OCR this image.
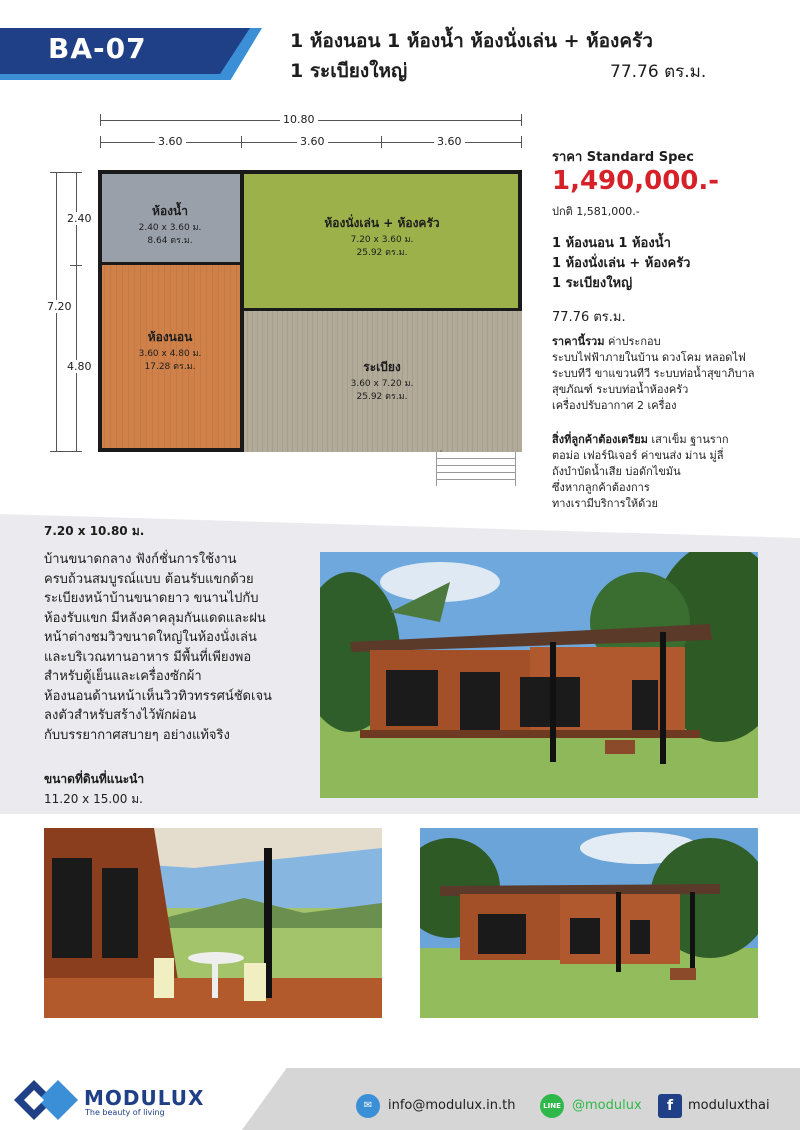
BA-07	1 ห้องนอน 1 ห้องน้ำ ห้องนั่งเล่น + ห้องครัว
1 ระเบียงใหญ่	77.76 ตร.ม.
10.80
3.60	3.60	3.60
7.20
2.40
4.80
ห้องน้ำ
2.40 x 3.60 ม.
8.64 ตร.ม.
ห้องนั่งเล่น + ห้องครัว
7.20 x 3.60 ม.
25.92 ตร.ม.
ห้องนอน
3.60 x 4.80 ม.
17.28 ตร.ม.	ระเบียง
3.60 x 7.20 ม.
25.92 ตร.ม.
ราคา Standard Spec
1,490,000.-
ปกติ 1,581,000.-
1 ห้องนอน 1 ห้องน้ำ
1 ห้องนั่งเล่น + ห้องครัว
1 ระเบียงใหญ่
77.76 ตร.ม.
ราคานี้รวม ค่าประกอบ
ระบบไฟฟ้าภายในบ้าน ดวงโคม หลอดไฟ
ระบบทีวี ขาแขวนทีวี ระบบท่อน้ำสุขาภิบาล
สุขภัณฑ์ ระบบท่อน้ำห้องครัว
เครื่องปรับอากาศ 2 เครื่อง
สิ่งที่ลูกค้าต้องเตรียม เสาเข็ม ฐานราก
ตอม่อ เฟอร์นิเจอร์ ค่าขนส่ง ม่าน มู่ลี่
ถังบำบัดน้ำเสีย บ่อดักไขมัน
ซึ่งหากลูกค้าต้องการ
ทางเรามีบริการให้ด้วย
7.20 x 10.80 ม.
บ้านขนาดกลาง ฟังก์ชั่นการใช้งาน
ครบถ้วนสมบูรณ์แบบ ต้อนรับแขกด้วย
ระเบียงหน้าบ้านขนาดยาว ขนานไปกับ
ห้องรับแขก มีหลังคาคลุมกันแดดและฝน
หน้าต่างชมวิวขนาดใหญ่ในห้องนั่งเล่น
และบริเวณทานอาหาร มีพื้นที่เพียงพอ
สำหรับตู้เย็นและเครื่องซักผ้า
ห้องนอนด้านหน้าเห็นวิวทิวทรรศน์ชัดเจน
ลงตัวสำหรับสร้างไว้พักผ่อน
กับบรรยากาศสบายๆ อย่างแท้จริง
ขนาดที่ดินที่แนะนำ
11.20 x 15.00 ม.
MODULUX
The beauty of living
✉	info@modulux.in.th	LINE @modulux	f	moduluxthai
